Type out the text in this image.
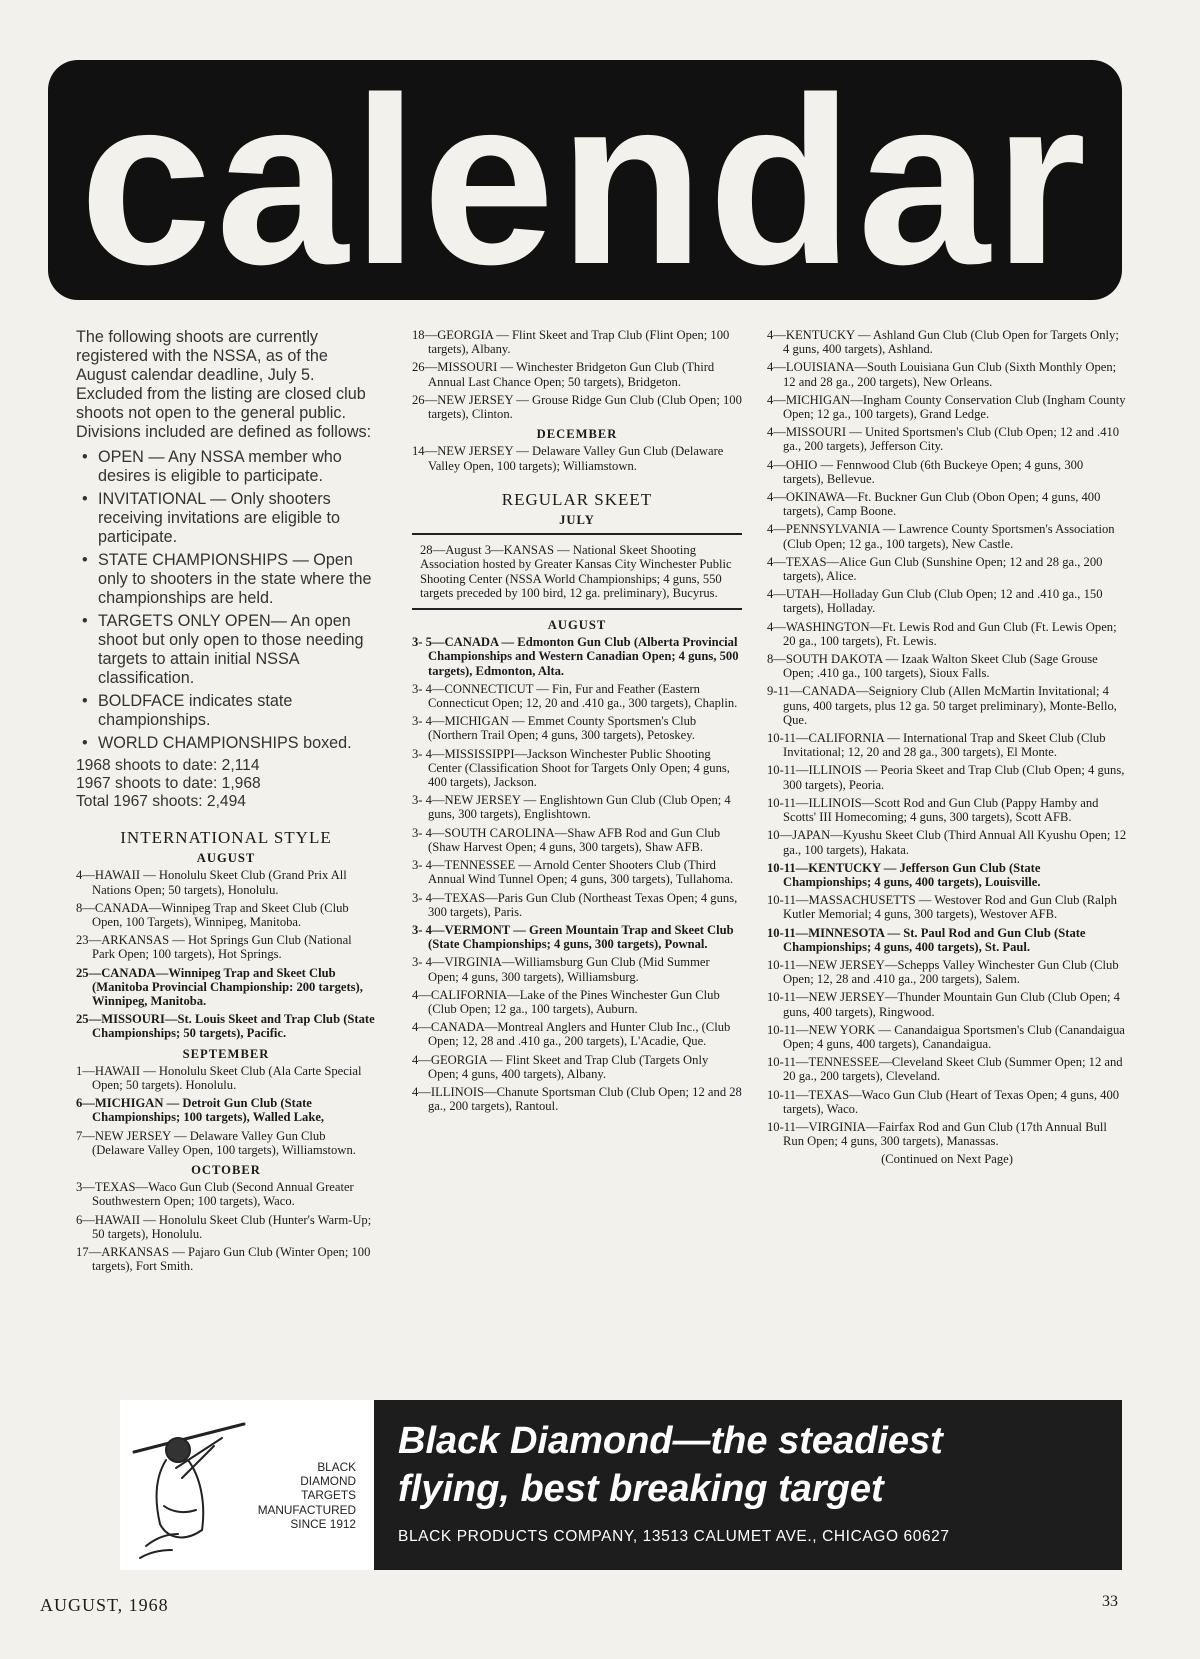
calendar

The following shoots are currently registered with the NSSA, as of the August calendar deadline, July 5. Excluded from the listing are closed club shoots not open to the general public. Divisions included are defined as follows:

• OPEN — Any NSSA member who desires is eligible to participate.
• INVITATIONAL — Only shooters receiving invitations are eligible to participate.
• STATE CHAMPIONSHIPS — Open only to shooters in the state where the championships are held.
• TARGETS ONLY OPEN— An open shoot but only open to those needing targets to attain initial NSSA classification.
• BOLDFACE indicates state championships.
• WORLD CHAMPIONSHIPS boxed.
1968 shoots to date: 2,114
1967 shoots to date: 1,968
Total 1967 shoots: 2,494
INTERNATIONAL STYLE
AUGUST
4—HAWAII — Honolulu Skeet Club (Grand Prix All Nations Open; 50 targets), Honolulu.
8—CANADA—Winnipeg Trap and Skeet Club (Club Open, 100 Targets), Winnipeg, Manitoba.
23—ARKANSAS — Hot Springs Gun Club (National Park Open; 100 targets), Hot Springs.
25—CANADA—Winnipeg Trap and Skeet Club (Manitoba Provincial Championship: 200 targets), Winnipeg, Manitoba.
25—MISSOURI—St. Louis Skeet and Trap Club (State Championships; 50 targets), Pacific.
SEPTEMBER
1—HAWAII — Honolulu Skeet Club (Ala Carte Special Open; 50 targets). Honolulu.
6—MICHIGAN — Detroit Gun Club (State Championships; 100 targets), Walled Lake,
7—NEW JERSEY — Delaware Valley Gun Club (Delaware Valley Open, 100 targets), Williamstown.
OCTOBER
3—TEXAS—Waco Gun Club (Second Annual Greater Southwestern Open; 100 targets), Waco.
6—HAWAII — Honolulu Skeet Club (Hunter's Warm-Up; 50 targets), Honolulu.
17—ARKANSAS — Pajaro Gun Club (Winter Open; 100 targets), Fort Smith.
18—GEORGIA — Flint Skeet and Trap Club (Flint Open; 100 targets), Albany.
26—MISSOURI — Winchester Bridgeton Gun Club (Third Annual Last Chance Open; 50 targets), Bridgeton.
26—NEW JERSEY — Grouse Ridge Gun Club (Club Open; 100 targets), Clinton.
DECEMBER
14—NEW JERSEY — Delaware Valley Gun Club (Delaware Valley Open, 100 targets); Williamstown.
REGULAR SKEET
JULY
28—August 3—KANSAS — National Skeet Shooting Association hosted by Greater Kansas City Winchester Public Shooting Center (NSSA World Championships; 4 guns, 550 targets preceded by 100 bird, 12 ga. preliminary), Bucyrus.
AUGUST
3- 5—CANADA — Edmonton Gun Club (Alberta Provincial Championships and Western Canadian Open; 4 guns, 500 targets), Edmonton, Alta.
3- 4—CONNECTICUT — Fin, Fur and Feather (Eastern Connecticut Open; 12, 20 and .410 ga., 300 targets), Chaplin.
3- 4—MICHIGAN — Emmet County Sportsmen's Club (Northern Trail Open; 4 guns, 300 targets), Petoskey.
3- 4—MISSISSIPPI—Jackson Winchester Public Shooting Center (Classification Shoot for Targets Only Open; 4 guns, 400 targets), Jackson.
3- 4—NEW JERSEY — Englishtown Gun Club (Club Open; 4 guns, 300 targets), Englishtown.
3- 4—SOUTH CAROLINA—Shaw AFB Rod and Gun Club (Shaw Harvest Open; 4 guns, 300 targets), Shaw AFB.
3- 4—TENNESSEE — Arnold Center Shooters Club (Third Annual Wind Tunnel Open; 4 guns, 300 targets), Tullahoma.
3- 4—TEXAS—Paris Gun Club (Northeast Texas Open; 4 guns, 300 targets), Paris.
3- 4—VERMONT — Green Mountain Trap and Skeet Club (State Championships; 4 guns, 300 targets), Pownal.
3- 4—VIRGINIA—Williamsburg Gun Club (Mid Summer Open; 4 guns, 300 targets), Williamsburg.
4—CALIFORNIA—Lake of the Pines Winchester Gun Club (Club Open; 12 ga., 100 targets), Auburn.
4—CANADA—Montreal Anglers and Hunter Club Inc., (Club Open; 12, 28 and .410 ga., 200 targets), L'Acadie, Que.
4—GEORGIA — Flint Skeet and Trap Club (Targets Only Open; 4 guns, 400 targets), Albany.
4—ILLINOIS—Chanute Sportsman Club (Club Open; 12 and 28 ga., 200 targets), Rantoul.
4—KENTUCKY — Ashland Gun Club (Club Open for Targets Only; 4 guns, 400 targets), Ashland.
4—LOUISIANA—South Louisiana Gun Club (Sixth Monthly Open; 12 and 28 ga., 200 targets), New Orleans.
4—MICHIGAN—Ingham County Conservation Club (Ingham County Open; 12 ga., 100 targets), Grand Ledge.
4—MISSOURI — United Sportsmen's Club (Club Open; 12 and .410 ga., 200 targets), Jefferson City.
4—OHIO — Fennwood Club (6th Buckeye Open; 4 guns, 300 targets), Bellevue.
4—OKINAWA—Ft. Buckner Gun Club (Obon Open; 4 guns, 400 targets), Camp Boone.
4—PENNSYLVANIA — Lawrence County Sportsmen's Association (Club Open; 12 ga., 100 targets), New Castle.
4—TEXAS—Alice Gun Club (Sunshine Open; 12 and 28 ga., 200 targets), Alice.
4—UTAH—Holladay Gun Club (Club Open; 12 and .410 ga., 150 targets), Holladay.
4—WASHINGTON—Ft. Lewis Rod and Gun Club (Ft. Lewis Open; 20 ga., 100 targets), Ft. Lewis.
8—SOUTH DAKOTA — Izaak Walton Skeet Club (Sage Grouse Open; .410 ga., 100 targets), Sioux Falls.
9-11—CANADA—Seigniory Club (Allen McMartin Invitational; 4 guns, 400 targets, plus 12 ga. 50 target preliminary), Monte-Bello, Que.
10-11—CALIFORNIA — International Trap and Skeet Club (Club Invitational; 12, 20 and 28 ga., 300 targets), El Monte.
10-11—ILLINOIS — Peoria Skeet and Trap Club (Club Open; 4 guns, 300 targets), Peoria.
10-11—ILLINOIS—Scott Rod and Gun Club (Pappy Hamby and Scotts' III Homecoming; 4 guns, 300 targets), Scott AFB.
10—JAPAN—Kyushu Skeet Club (Third Annual All Kyushu Open; 12 ga., 100 targets), Hakata.
10-11—KENTUCKY — Jefferson Gun Club (State Championships; 4 guns, 400 targets), Louisville.
10-11—MASSACHUSETTS — Westover Rod and Gun Club (Ralph Kutler Memorial; 4 guns, 300 targets), Westover AFB.
10-11—MINNESOTA — St. Paul Rod and Gun Club (State Championships; 4 guns, 400 targets), St. Paul.
10-11—NEW JERSEY—Schepps Valley Winchester Gun Club (Club Open; 12, 28 and .410 ga., 200 targets), Salem.
10-11—NEW JERSEY—Thunder Mountain Gun Club (Club Open; 4 guns, 400 targets), Ringwood.
10-11—NEW YORK — Canandaigua Sportsmen's Club (Canandaigua Open; 4 guns, 400 targets), Canandaigua.
10-11—TENNESSEE—Cleveland Skeet Club (Summer Open; 12 and 20 ga., 200 targets), Cleveland.
10-11—TEXAS—Waco Gun Club (Heart of Texas Open; 4 guns, 400 targets), Waco.
10-11—VIRGINIA—Fairfax Rod and Gun Club (17th Annual Bull Run Open; 4 guns, 300 targets), Manassas.
(Continued on Next Page)
BLACK
DIAMOND
TARGETS
MANUFACTURED
SINCE 1912
Black Diamond—the steadiest
flying, best breaking target
BLACK PRODUCTS COMPANY, 13513 CALUMET AVE., CHICAGO 60627
AUGUST, 1968	33
